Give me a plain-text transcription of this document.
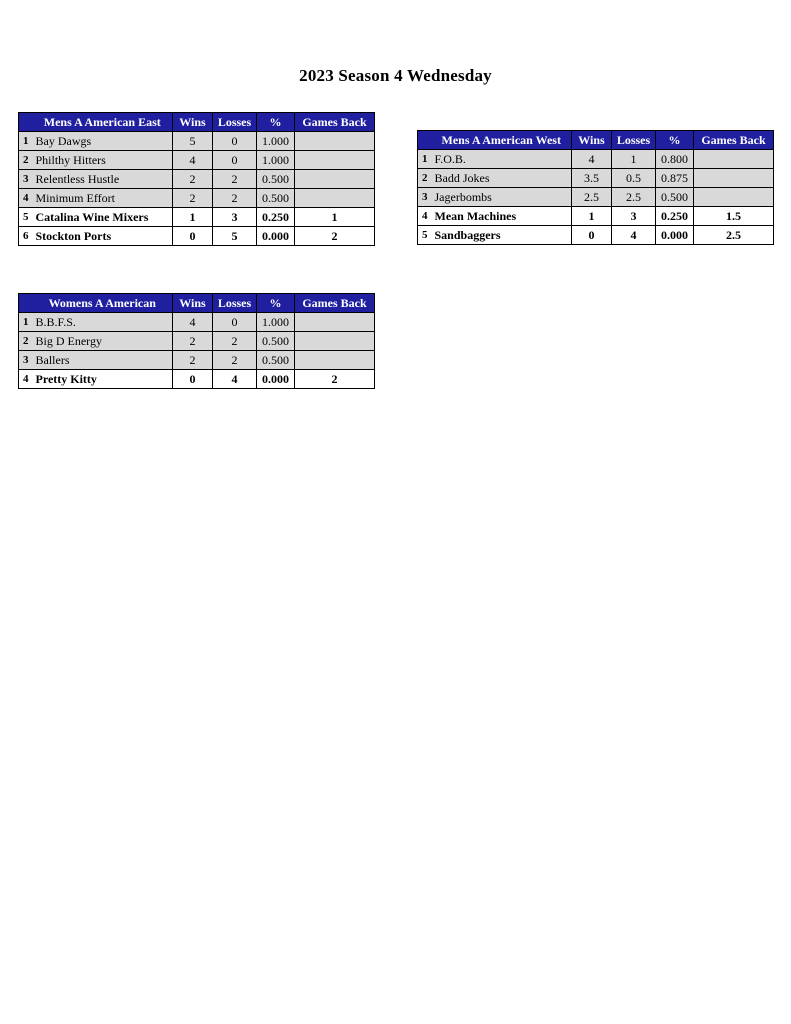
2023 Season 4 Wednesday
	Mens A American East	Wins	Losses	%	Games Back
1	Bay Dawgs	5	0	1.000	
2	Philthy Hitters	4	0	1.000	
3	Relentless Hustle	2	2	0.500	
4	Minimum Effort	2	2	0.500	
5	Catalina Wine Mixers	1	3	0.250	1
6	Stockton Ports	0	5	0.000	2
	Mens A American West	Wins	Losses	%	Games Back
1	F.O.B.	4	1	0.800	
2	Badd Jokes	3.5	0.5	0.875	
3	Jagerbombs	2.5	2.5	0.500	
4	Mean Machines	1	3	0.250	1.5
5	Sandbaggers	0	4	0.000	2.5
	Womens A American	Wins	Losses	%	Games Back
1	B.B.F.S.	4	0	1.000	
2	Big D Energy	2	2	0.500	
3	Ballers	2	2	0.500	
4	Pretty Kitty	0	4	0.000	2
